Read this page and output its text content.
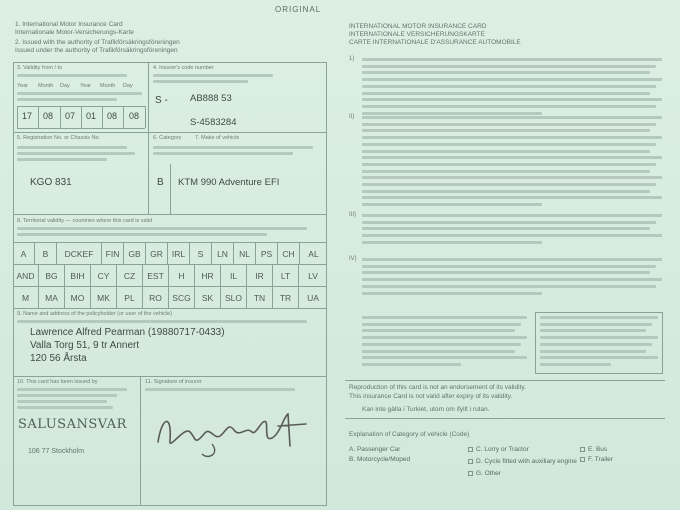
ORIGINAL
1. International Motor Insurance Card
Internationale Motor-Versicherungs-Karte
2. Issued with the authority of Trafikförsäkringsföreningen
Issued under the authority of Trafikförsäkringsföreningen
3. Validity from / to
Year Month Day Year Month Day
17 08 07 01 08 08
4. Insurer's code number
S - AB888 53
S-4583284
5. Registration No. or Chassis No.
KGO 831
6. Category 7. Make of vehicle
B KTM 990 Adventure EFI
8. Territorial validity — countries where this card is valid
A	B	DCKEF	FIN	GB	GR	IRL	S	LN	NL	PS	CH	AL
AND	BG	BIH	CY	CZ	EST	H	HR	IL	IR	LT	LV
M	MA	MO	MK	PL	RO	SCG	SK	SLO	TN	TR	UA
9. Name and address of the policyholder (or user of the vehicle)
Lawrence Alfred Pearman (19880717-0433)
Valla Torg 51, 9 tr Annert
120 56 Årsta
10. This card has been issued by
SALUSANSVAR
106 77 Stockholm
11. Signature of insurer
INTERNATIONAL MOTOR INSURANCE CARD
INTERNATIONALE VERSICHERUNGSKARTE
CARTE INTERNATIONALE D'ASSURANCE AUTOMOBILE
1)
II)
III)
IV)
Reproduction of this card is not an endorsement of its validity.
This insurance Card is not valid after expiry of its validity.
Kan inte gälla i Turkiet, utom om ifyllt i rutan.
Explanation of Category of vehicle (Code)
A. Passenger Car
B. Motorcycle/Moped
C. Lorry or Tractor
D. Cycle fitted with auxiliary engine
E. Bus
F. Trailer
G. Other
